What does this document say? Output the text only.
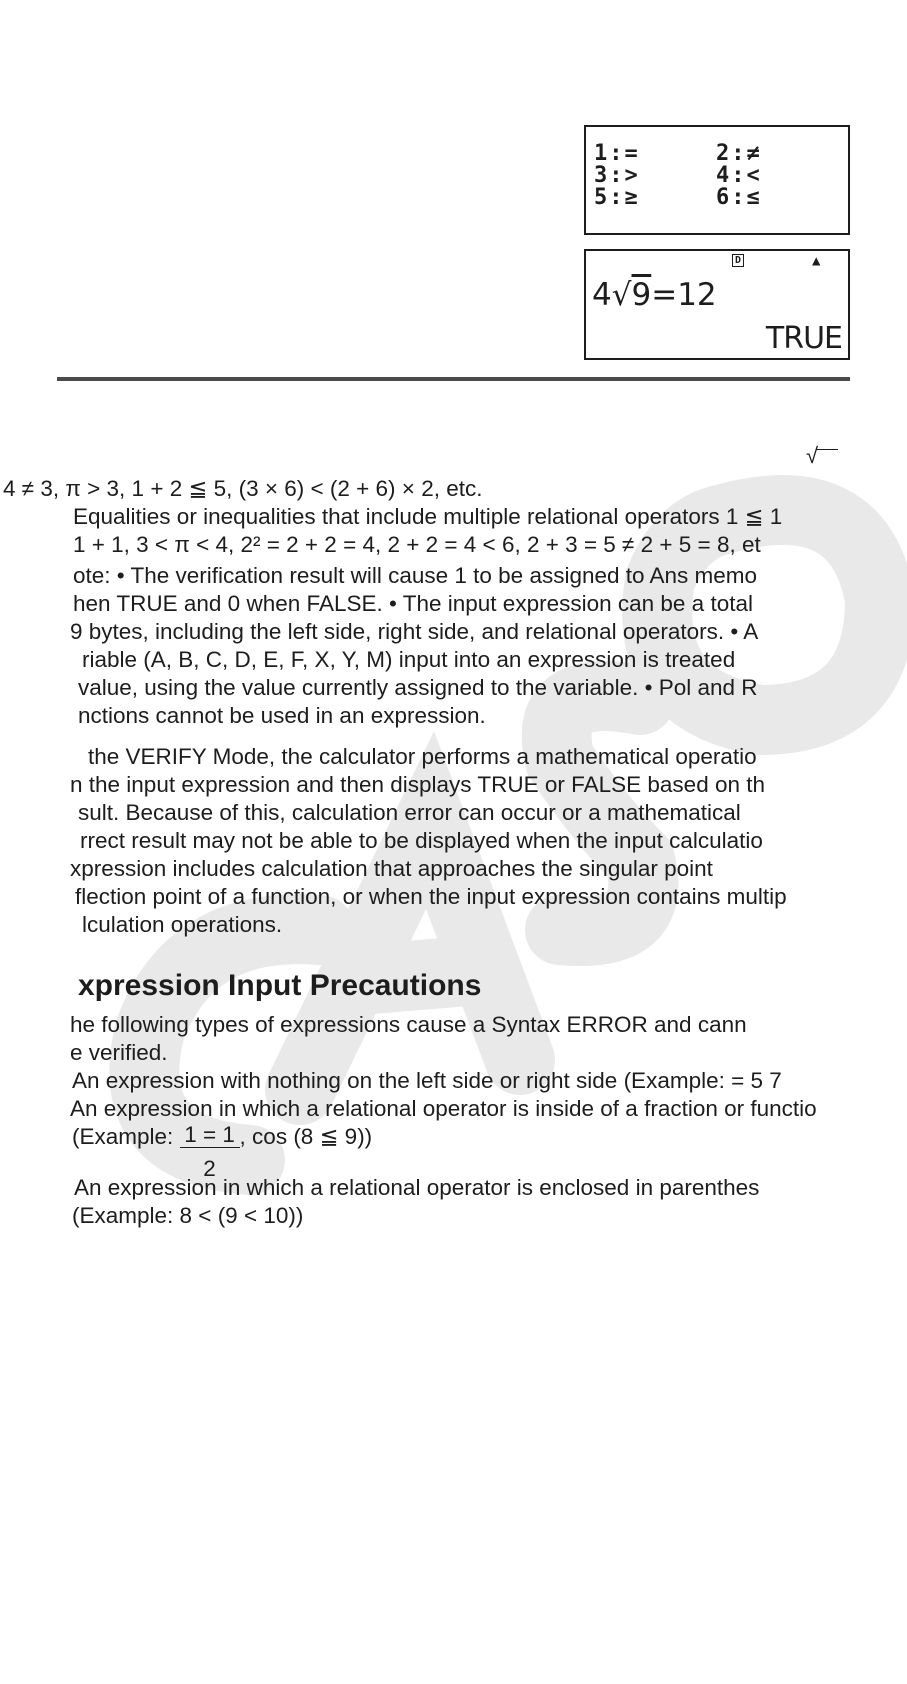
1:=	2:≠
3:>	4:<
5:≥	6:≤
D	▲
4√9=12
TRUE
√
4 ≠ 3, π > 3, 1 + 2 ≦ 5, (3 × 6) < (2 + 6) × 2, etc.
Equalities or inequalities that include multiple relational operators 1 ≦ 1
1 + 1, 3 < π < 4, 2² = 2 + 2 = 4, 2 + 2 = 4 < 6, 2 + 3 = 5 ≠ 2 + 5 = 8, et
ote: • The verification result will cause 1 to be assigned to Ans memo
hen TRUE and 0 when FALSE. • The input expression can be a total
9 bytes, including the left side, right side, and relational operators. • A
riable (A, B, C, D, E, F, X, Y, M) input into an expression is treated
value, using the value currently assigned to the variable. • Pol and R
nctions cannot be used in an expression.
the VERIFY Mode, the calculator performs a mathematical operatio
n the input expression and then displays TRUE or FALSE based on th
sult. Because of this, calculation error can occur or a mathematical
rrect result may not be able to be displayed when the input calculatio
xpression includes calculation that approaches the singular point
flection point of a function, or when the input expression contains multip
lculation operations.
xpression Input Precautions
he following types of expressions cause a Syntax ERROR and cann
e verified.
An expression with nothing on the left side or right side (Example: = 5 7
An expression in which a relational operator is inside of a fraction or functio
(Example: $\frac{1 = 1}{2}$ , cos (8 ≦ 9))
An expression in which a relational operator is enclosed in parenthes
(Example: 8 < (9 < 10))
